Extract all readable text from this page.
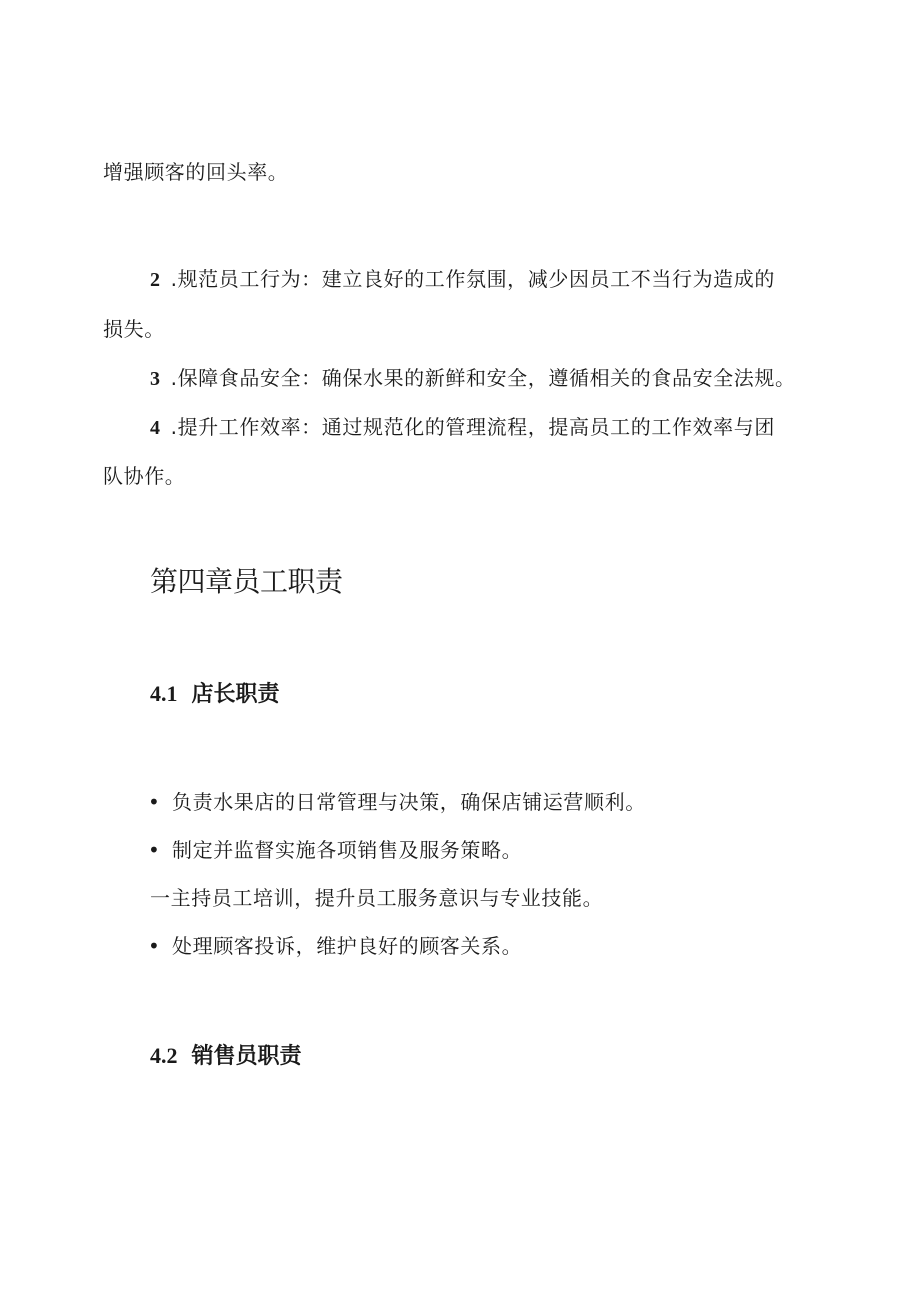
增强顾客的回头率。
2 .规范员工行为：建立良好的工作氛围，减少因员工不当行为造成的
损失。
3 .保障食品安全：确保水果的新鲜和安全，遵循相关的食品安全法规。
4 .提升工作效率：通过规范化的管理流程，提高员工的工作效率与团
队协作。
第四章员工职责
4.1 店长职责
• 负责水果店的日常管理与决策，确保店铺运营顺利。
• 制定并监督实施各项销售及服务策略。
一主持员工培训，提升员工服务意识与专业技能。
• 处理顾客投诉，维护良好的顾客关系。
4.2 销售员职责
